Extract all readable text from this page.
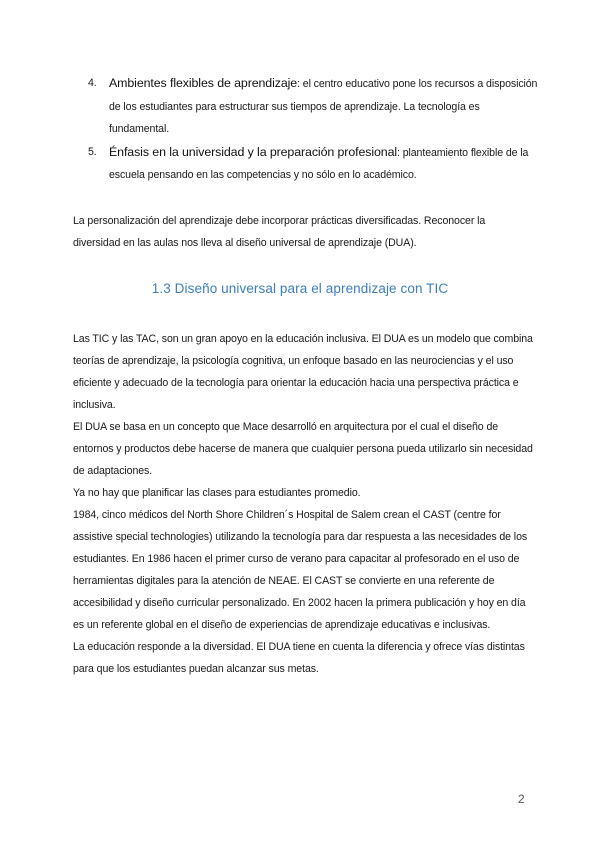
4. Ambientes flexibles de aprendizaje: el centro educativo pone los recursos a disposición de los estudiantes para estructurar sus tiempos de aprendizaje. La tecnología es fundamental.
5. Énfasis en la universidad y la preparación profesional: planteamiento flexible de la escuela pensando en las competencias y no sólo en lo académico.

La personalización del aprendizaje debe incorporar prácticas diversificadas. Reconocer la diversidad en las aulas nos lleva al diseño universal de aprendizaje (DUA).

1.3 Diseño universal para el aprendizaje con TIC

Las TIC y las TAC, son un gran apoyo en la educación inclusiva. El DUA es un modelo que combina teorías de aprendizaje, la psicología cognitiva, un enfoque basado en las neurociencias y el uso eficiente y adecuado de la tecnología para orientar la educación hacia una perspectiva práctica e inclusiva.

El DUA se basa en un concepto que Mace desarrolló en arquitectura por el cual el diseño de entornos y productos debe hacerse de manera que cualquier persona pueda utilizarlo sin necesidad de adaptaciones.

Ya no hay que planificar las clases para estudiantes promedio.

1984, cinco médicos del North Shore Children´s Hospital de Salem crean el CAST (centre for assistive special technologies) utilizando la tecnología para dar respuesta a las necesidades de los estudiantes. En 1986 hacen el primer curso de verano para capacitar al profesorado en el uso de herramientas digitales para la atención de NEAE. El CAST se convierte en una referente de accesibilidad y diseño curricular personalizado. En 2002 hacen la primera publicación y hoy en día es un referente global en el diseño de experiencias de aprendizaje educativas e inclusivas.

La educación responde a la diversidad. El DUA tiene en cuenta la diferencia y ofrece vías distintas para que los estudiantes puedan alcanzar sus metas.

2
